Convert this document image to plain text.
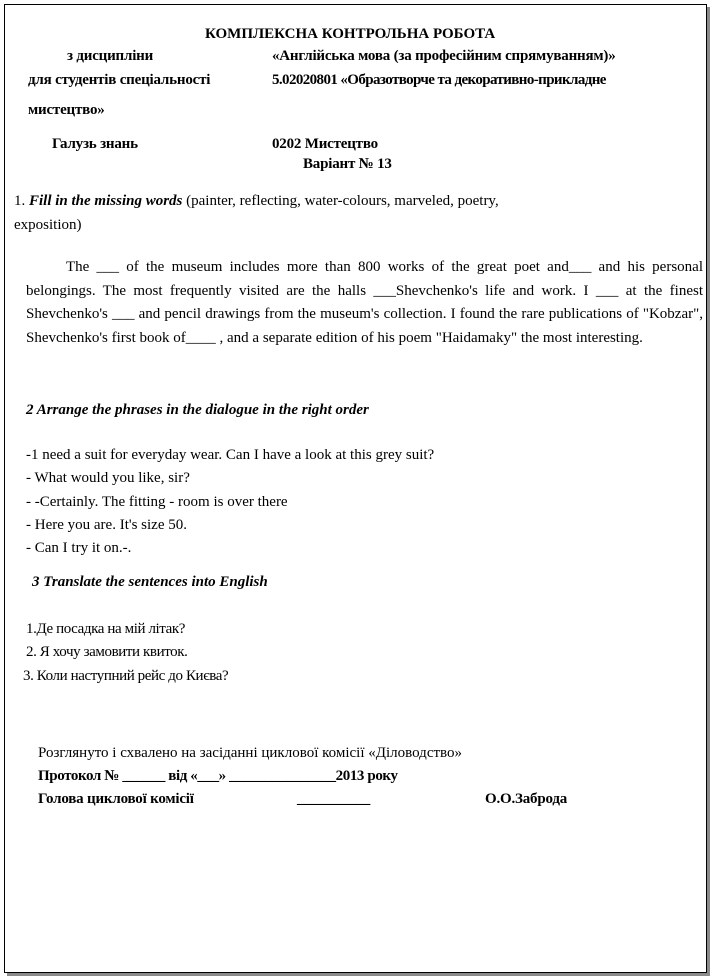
КОМПЛЕКСНА КОНТРОЛЬНА РОБОТА
з дисципліни	«Англійська мова (за професійним спрямуванням)»
для студентів спеціальності	5.02020801 «Образотворче та декоративно-прикладне
мистецтво»
Галузь знань	0202 Мистецтво
Варіант № 13
1. Fill in the missing words (painter, reflecting, water-colours, marveled, poetry,
exposition)
The ___ of the museum includes more than 800 works of the great poet and___ and his personal belongings. The most frequently visited are the halls ___Shevchenko's life and work. I ___ at the finest Shevchenko's ___ and pencil drawings from the museum's collection. I found the rare publications of "Kobzar", Shevchenko's first book of____ , and a separate edition of his poem "Haidamaky" the most interesting.
2 Arrange the phrases in the dialogue in the right order
-1 need a suit for everyday wear. Can I have a look at this grey suit?
- What would you like, sir?
- -Certainly. The fitting - room is over there
- Here you are. It's size 50.
- Can I try it on.-.
3 Translate the sentences into English
1.Де посадка на мій літак?
2. Я хочу замовити квиток.
3. Коли наступний рейс до Києва?
Розглянуто і схвалено на засіданні циклової комісії «Діловодство»
Протокол № ______ від «___» _______________2013 року
Голова циклової комісії	__________	О.О.Заброда
